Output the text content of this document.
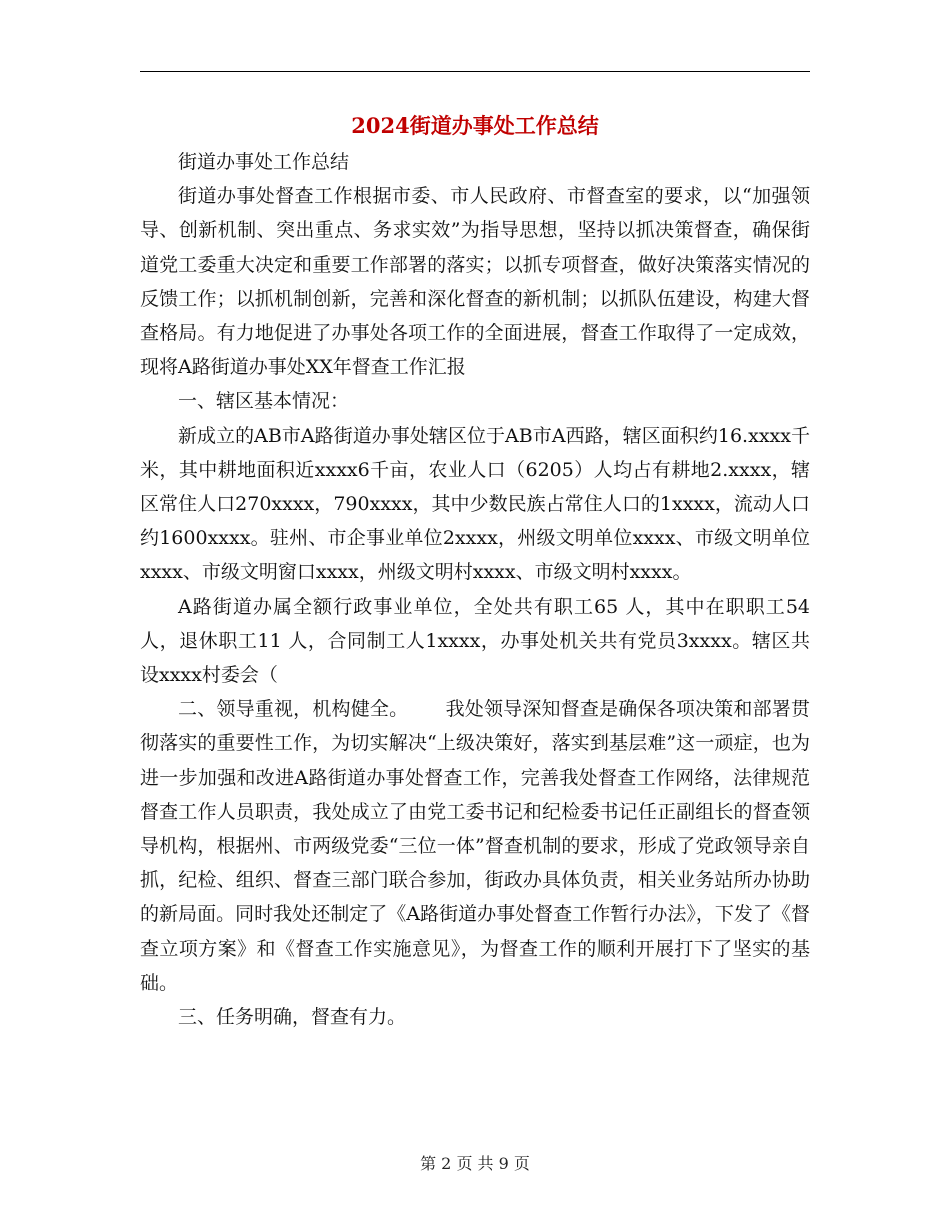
2024街道办事处工作总结

街道办事处工作总结

街道办事处督查工作根据市委、市人民政府、市督查室的要求，以“加强领导、创新机制、突出重点、务求实效”为指导思想，坚持以抓决策督查，确保街道党工委重大决定和重要工作部署的落实；以抓专项督查，做好决策落实情况的反馈工作；以抓机制创新，完善和深化督查的新机制；以抓队伍建设，构建大督查格局。有力地促进了办事处各项工作的全面进展，督查工作取得了一定成效，现将A路街道办事处XX年督查工作汇报

一、辖区基本情况：

新成立的AB市A路街道办事处辖区位于AB市A西路，辖区面积约16.xxxx千米，其中耕地面积近xxxx6千亩，农业人口（6205）人均占有耕地2.xxxx，辖区常住人口270xxxx，790xxxx，其中少数民族占常住人口的1xxxx，流动人口约1600xxxx。驻州、市企事业单位2xxxx，州级文明单位xxxx、市级文明单位xxxx、市级文明窗口xxxx，州级文明村xxxx、市级文明村xxxx。

A路街道办属全额行政事业单位，全处共有职工65 人，其中在职职工54 人，退休职工11 人，合同制工人1xxxx，办事处机关共有党员3xxxx。辖区共设xxxx村委会（

二、领导重视，机构健全。      我处领导深知督查是确保各项决策和部署贯彻落实的重要性工作，为切实解决“上级决策好，落实到基层难”这一顽症，也为进一步加强和改进A路街道办事处督查工作，完善我处督查工作网络，法律规范督查工作人员职责，我处成立了由党工委书记和纪检委书记任正副组长的督查领导机构，根据州、市两级党委“三位一体”督查机制的要求，形成了党政领导亲自抓，纪检、组织、督查三部门联合参加，街政办具体负责，相关业务站所办协助的新局面。同时我处还制定了《A路街道办事处督查工作暂行办法》，下发了《督查立项方案》和《督查工作实施意见》，为督查工作的顺利开展打下了坚实的基础。

三、任务明确，督查有力。

第 2 页 共 9 页
